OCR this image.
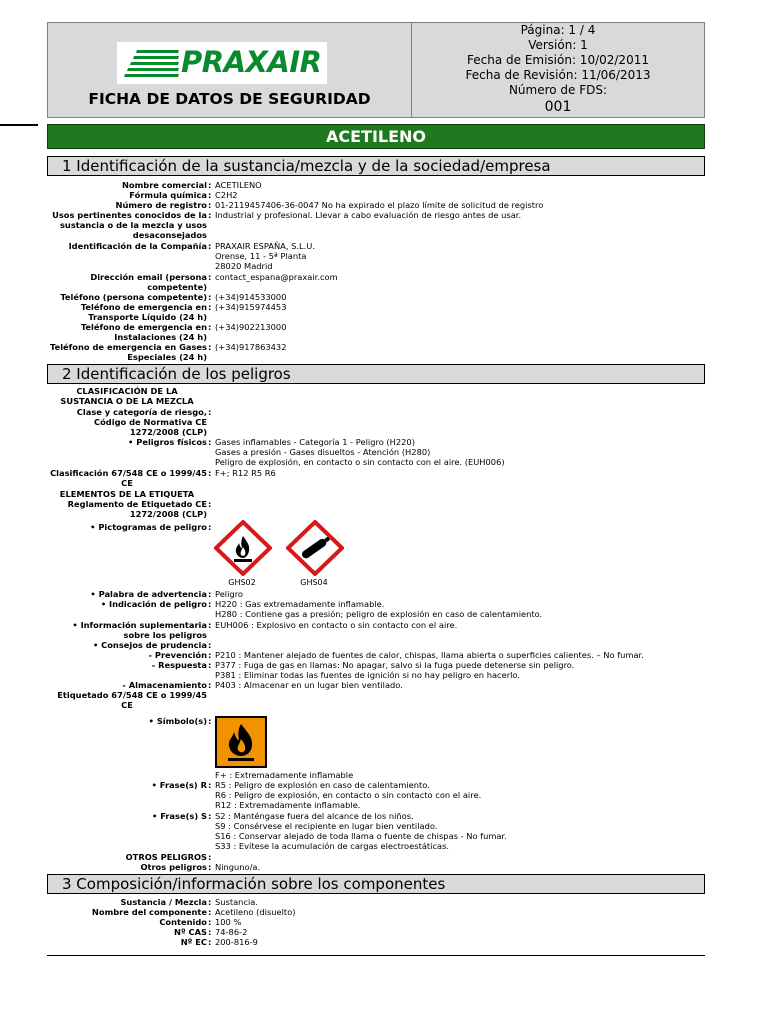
PRAXAIR
FICHA DE DATOS DE SEGURIDAD
Página: 1 / 4
Versión: 1
Fecha de Emisión: 10/02/2011
Fecha de Revisión: 11/06/2013
Número de FDS:
001
ACETILENO
1 Identificación de la sustancia/mezcla y de la sociedad/empresa
Nombre comercial : ACETILENO
Fórmula química : C2H2
Número de registro : 01-2119457406-36-0047 No ha expirado el plazo límite de solicitud de registro
Usos pertinentes conocidos de la
sustancia o de la mezcla y usos
desaconsejados
: Industrial y profesional. Llevar a cabo evaluación de riesgo antes de usar.
Identificación de la Compañía : PRAXAIR ESPAÑA, S.L.U.
Orense, 11 - 5ª Planta
28020 Madrid
Dirección email (persona
competente)
: contact_espana@praxair.com
Teléfono (persona competente) : (+34)914533000
Teléfono de emergencia en
Transporte Líquido (24 h)
: (+34)915974453
Teléfono de emergencia en
Instalaciones (24 h)
: (+34)902213000
Teléfono de emergencia en Gases
Especiales (24 h)
: (+34)917863432
2 Identificación de los peligros
CLASIFICACIÓN DE LA
SUSTANCIA O DE LA MEZCLA
Clase y categoría de riesgo,
Código de Normativa CE
1272/2008 (CLP)
:
• Peligros físicos : Gases inflamables - Categoría 1 - Peligro (H220)
Gases a presión - Gases disueltos - Atención (H280)
Peligro de explosión, en contacto o sin contacto con el aire. (EUH006)
Clasificación 67/548 CE o 1999/45
CE
: F+; R12 R5 R6
ELEMENTOS DE LA ETIQUETA
Reglamento de Etiquetado CE
1272/2008 (CLP)
:
• Pictogramas de peligro :
GHS02	GHS04
• Palabra de advertencia : Peligro
• Indicación de peligro : H220 : Gas extremadamente inflamable.
H280 : Contiene gas a presión; peligro de explosión en caso de calentamiento.
• Información suplementaria
sobre los peligros
: EUH006 : Explosivo en contacto o sin contacto con el aire.
• Consejos de prudencia :
- Prevención : P210 : Mantener alejado de fuentes de calor, chispas, llama abierta o superficies calientes. – No fumar.
- Respuesta : P377 : Fuga de gas en llamas: No apagar, salvo si la fuga puede detenerse sin peligro.
P381 : Eliminar todas las fuentes de ignición si no hay peligro en hacerlo.
- Almacenamiento : P403 : Almacenar en un lugar bien ventilado.
Etiquetado 67/548 CE o 1999/45
CE
• Símbolo(s) :
F+ : Extremadamente inflamable
• Frase(s) R : R5 : Peligro de explosión en caso de calentamiento.
R6 : Peligro de explosión, en contacto o sin contacto con el aire.
R12 : Extremadamente inflamable.
• Frase(s) S : S2 : Manténgase fuera del alcance de los niños.
S9 : Consérvese el recipiente en lugar bien ventilado.
S16 : Conservar alejado de toda llama o fuente de chispas - No fumar.
S33 : Evítese la acumulación de cargas electroestáticas.
OTROS PELIGROS :
Otros peligros : Ninguno/a.
3 Composición/información sobre los componentes
Sustancia / Mezcla : Sustancia.
Nombre del componente : Acetileno (disuelto)
Contenido : 100 %
Nº CAS : 74-86-2
Nº EC : 200-816-9
